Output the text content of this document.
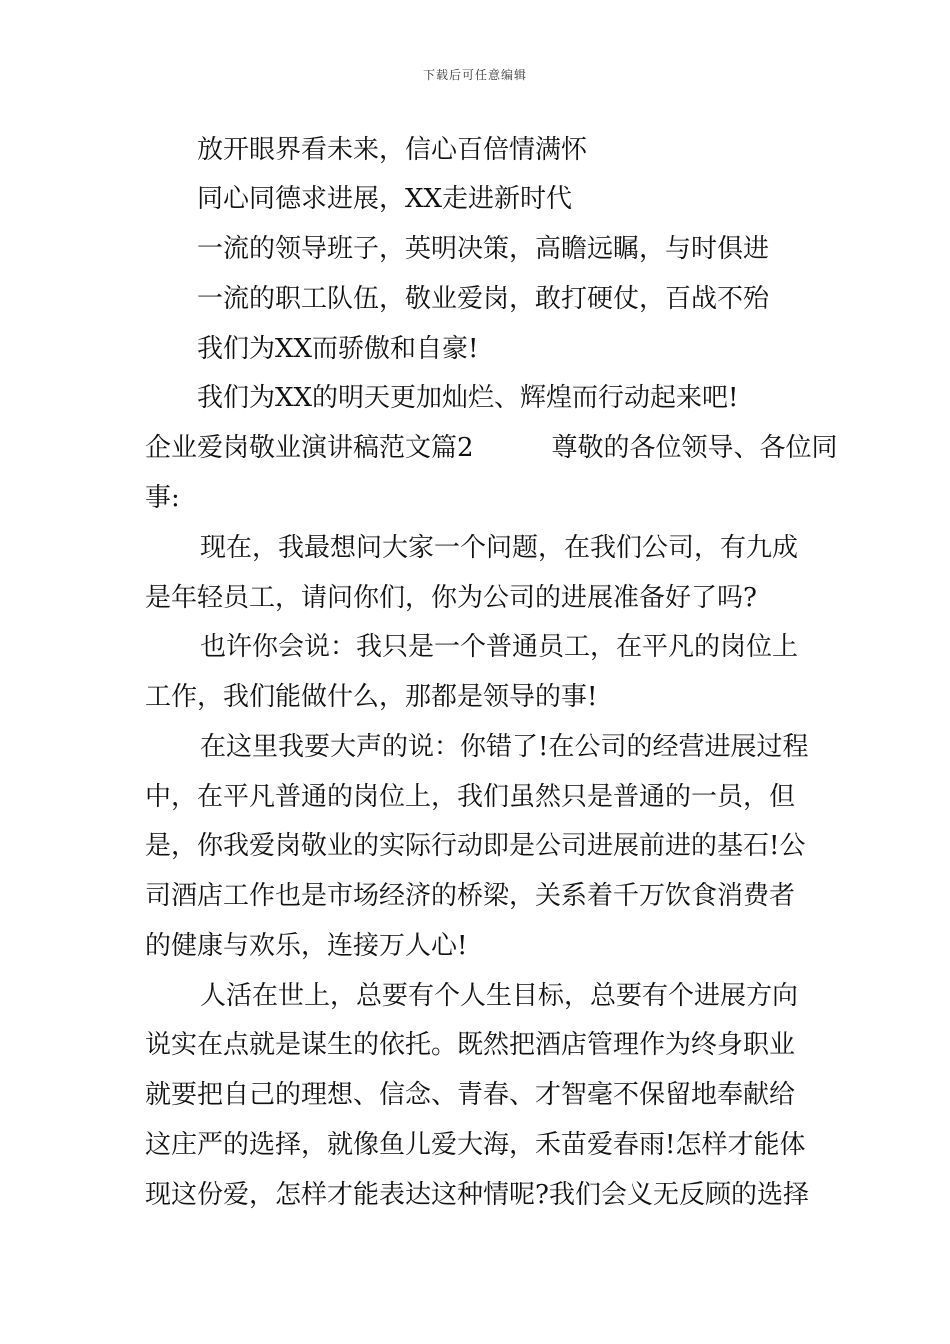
下载后可任意编辑
放开眼界看未来，信心百倍情满怀
同心同德求进展，XX走进新时代
一流的领导班子，英明决策，高瞻远瞩，与时俱进
一流的职工队伍，敬业爱岗，敢打硬仗，百战不殆
我们为XX而骄傲和自豪!
我们为XX的明天更加灿烂、辉煌而行动起来吧!
企业爱岗敬业演讲稿范文篇2　　　尊敬的各位领导、各位同
事:
现在，我最想问大家一个问题，在我们公司，有九成
是年轻员工，请问你们，你为公司的进展准备好了吗?
也许你会说：我只是一个普通员工，在平凡的岗位上
工作，我们能做什么，那都是领导的事!
在这里我要大声的说：你错了!在公司的经营进展过程
中，在平凡普通的岗位上，我们虽然只是普通的一员，但
是，你我爱岗敬业的实际行动即是公司进展前进的基石!公
司酒店工作也是市场经济的桥梁，关系着千万饮食消费者
的健康与欢乐，连接万人心!
人活在世上，总要有个人生目标，总要有个进展方向
说实在点就是谋生的依托。既然把酒店管理作为终身职业
就要把自己的理想、信念、青春、才智毫不保留地奉献给
这庄严的选择，就像鱼儿爱大海，禾苗爱春雨!怎样才能体
现这份爱，怎样才能表达这种情呢?我们会义无反顾的选择
